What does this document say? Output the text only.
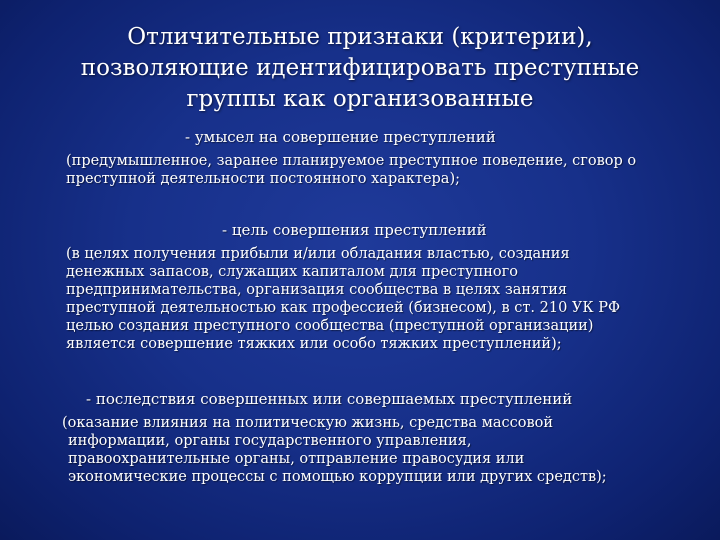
Отличительные признаки (критерии),
позволяющие идентифицировать преступные
группы как организованные
- умысел на совершение преступлений
(предумышленное, заранее планируемое преступное поведение, сговор о
преступной деятельности постоянного характера);
- цель совершения преступлений
(в целях получения прибыли и/или обладания властью, создания
денежных запасов, служащих капиталом для преступного
предпринимательства, организация сообщества в целях занятия
преступной деятельностью как профессией (бизнесом), в ст. 210 УК РФ
целью создания преступного сообщества (преступной организации)
является совершение тяжких или особо тяжких преступлений);
- последствия совершенных или совершаемых преступлений
(оказание влияния на политическую жизнь, средства массовой
информации, органы государственного управления,
правоохранительные органы, отправление правосудия или
экономические процессы с помощью коррупции или других средств);
